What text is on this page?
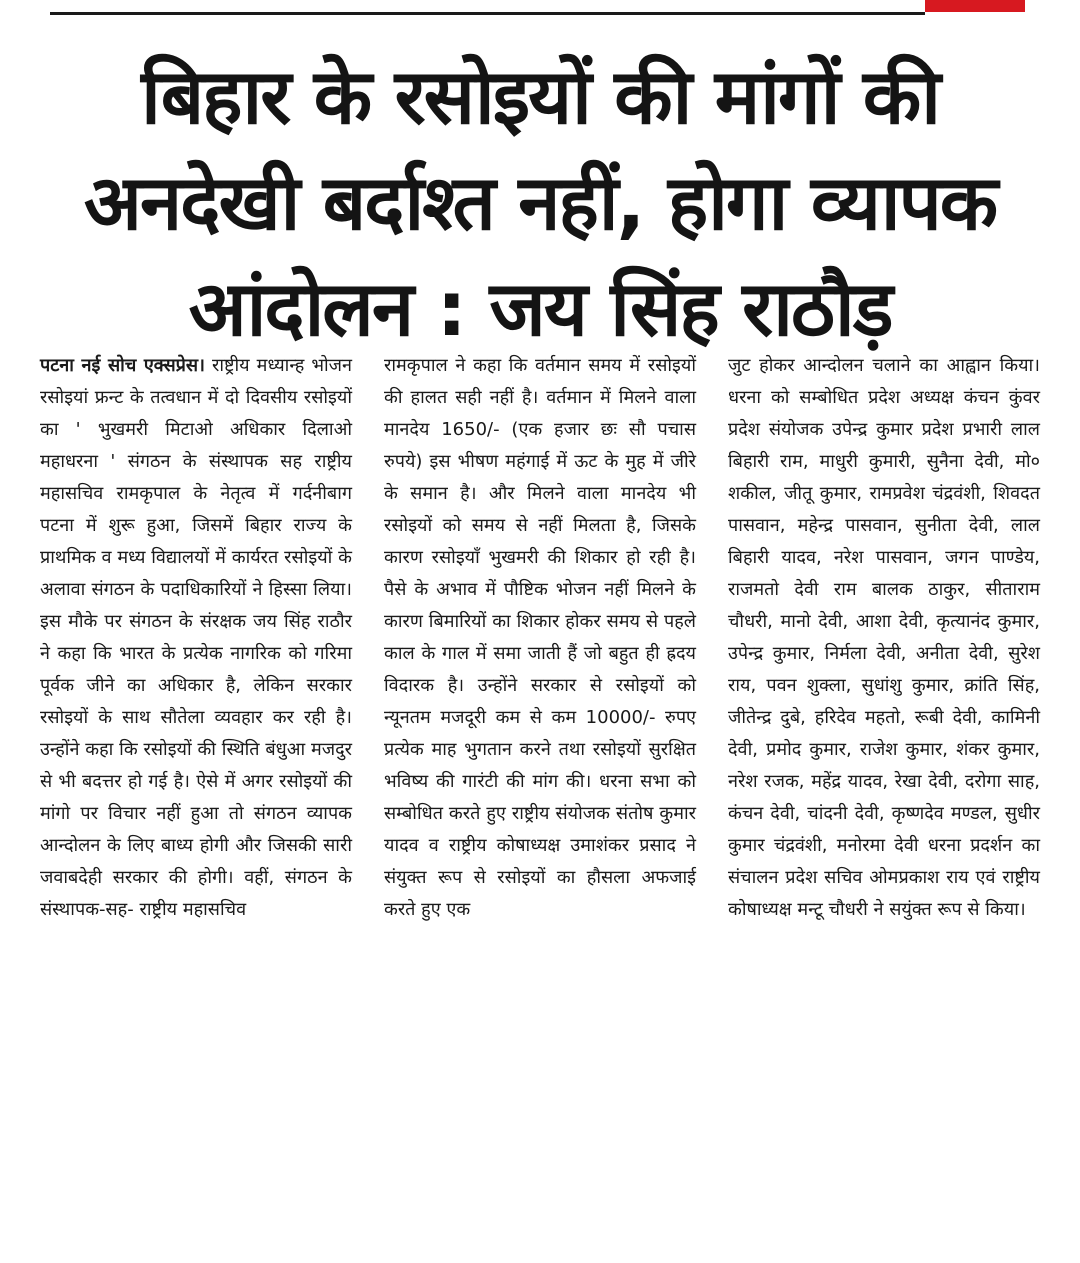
बिहार के रसोइयों की मांगों की अनदेखी बर्दाश्त नहीं, होगा व्यापक आंदोलन : जय सिंह राठौड़

पटना नई सोच एक्सप्रेस। राष्ट्रीय मध्यान्ह भोजन रसोइयां फ्रन्ट के तत्वधान में दो दिवसीय रसोइयों का ' भुखमरी मिटाओ अधिकार दिलाओ महाधरना ' संगठन के संस्थापक सह राष्ट्रीय महासचिव रामकृपाल के नेतृत्व में गर्दनीबाग पटना में शुरू हुआ, जिसमें बिहार राज्य के प्राथमिक व मध्य विद्यालयों में कार्यरत रसोइयों के अलावा संगठन के पदाधिकारियों ने हिस्सा लिया। इस मौके पर संगठन के संरक्षक जय सिंह राठौर ने कहा कि भारत के प्रत्येक नागरिक को गरिमा पूर्वक जीने का अधिकार है, लेकिन सरकार रसोइयों के साथ सौतेला व्यवहार कर रही है। उन्होंने कहा कि रसोइयों की स्थिति बंधुआ मजदुर से भी बदत्तर हो गई है। ऐसे में अगर रसोइयों की मांगो पर विचार नहीं हुआ तो संगठन व्यापक आन्दोलन के लिए बाध्य होगी और जिसकी सारी जवाबदेही सरकार की होगी। वहीं, संगठन के संस्थापक-सह- राष्ट्रीय महासचिव

रामकृपाल ने कहा कि वर्तमान समय में रसोइयों की हालत सही नहीं है। वर्तमान में मिलने वाला मानदेय 1650/- (एक हजार छः सौ पचास रुपये) इस भीषण महंगाई में ऊट के मुह में जीरे के समान है। और मिलने वाला मानदेय भी रसोइयों को समय से नहीं मिलता है, जिसके कारण रसोइयाँ भुखमरी की शिकार हो रही है। पैसे के अभाव में पौष्टिक भोजन नहीं मिलने के कारण बिमारियों का शिकार होकर समय से पहले काल के गाल में समा जाती हैं जो बहुत ही ह्रदय विदारक है। उन्होंने सरकार से रसोइयों को न्यूनतम मजदूरी कम से कम 10000/- रुपए प्रत्येक माह भुगतान करने तथा रसोइयों सुरक्षित भविष्य की गारंटी की मांग की। धरना सभा को सम्बोधित करते हुए राष्ट्रीय संयोजक संतोष कुमार यादव व राष्ट्रीय कोषाध्यक्ष उमाशंकर प्रसाद ने संयुक्त रूप से रसोइयों का हौसला अफजाई करते हुए एक

जुट होकर आन्दोलन चलाने का आह्वान किया। धरना को सम्बोधित प्रदेश अध्यक्ष कंचन कुंवर प्रदेश संयोजक उपेन्द्र कुमार प्रदेश प्रभारी लाल बिहारी राम, माधुरी कुमारी, सुनैना देवी, मो० शकील, जीतू कुमार, रामप्रवेश चंद्रवंशी, शिवदत पासवान, महेन्द्र पासवान, सुनीता देवी, लाल बिहारी यादव, नरेश पासवान, जगन पाण्डेय, राजमतो देवी राम बालक ठाकुर, सीताराम चौधरी, मानो देवी, आशा देवी, कृत्यानंद कुमार, उपेन्द्र कुमार, निर्मला देवी, अनीता देवी, सुरेश राय, पवन शुक्ला, सुधांशु कुमार, क्रांति सिंह, जीतेन्द्र दुबे, हरिदेव महतो, रूबी देवी, कामिनी देवी, प्रमोद कुमार, राजेश कुमार, शंकर कुमार, नरेश रजक, महेंद्र यादव, रेखा देवी, दरोगा साह, कंचन देवी, चांदनी देवी, कृष्णदेव मण्डल, सुधीर कुमार चंद्रवंशी, मनोरमा देवी धरना प्रदर्शन का संचालन प्रदेश सचिव ओमप्रकाश राय एवं राष्ट्रीय कोषाध्यक्ष मन्टू चौधरी ने सयुंक्त रूप से किया।
